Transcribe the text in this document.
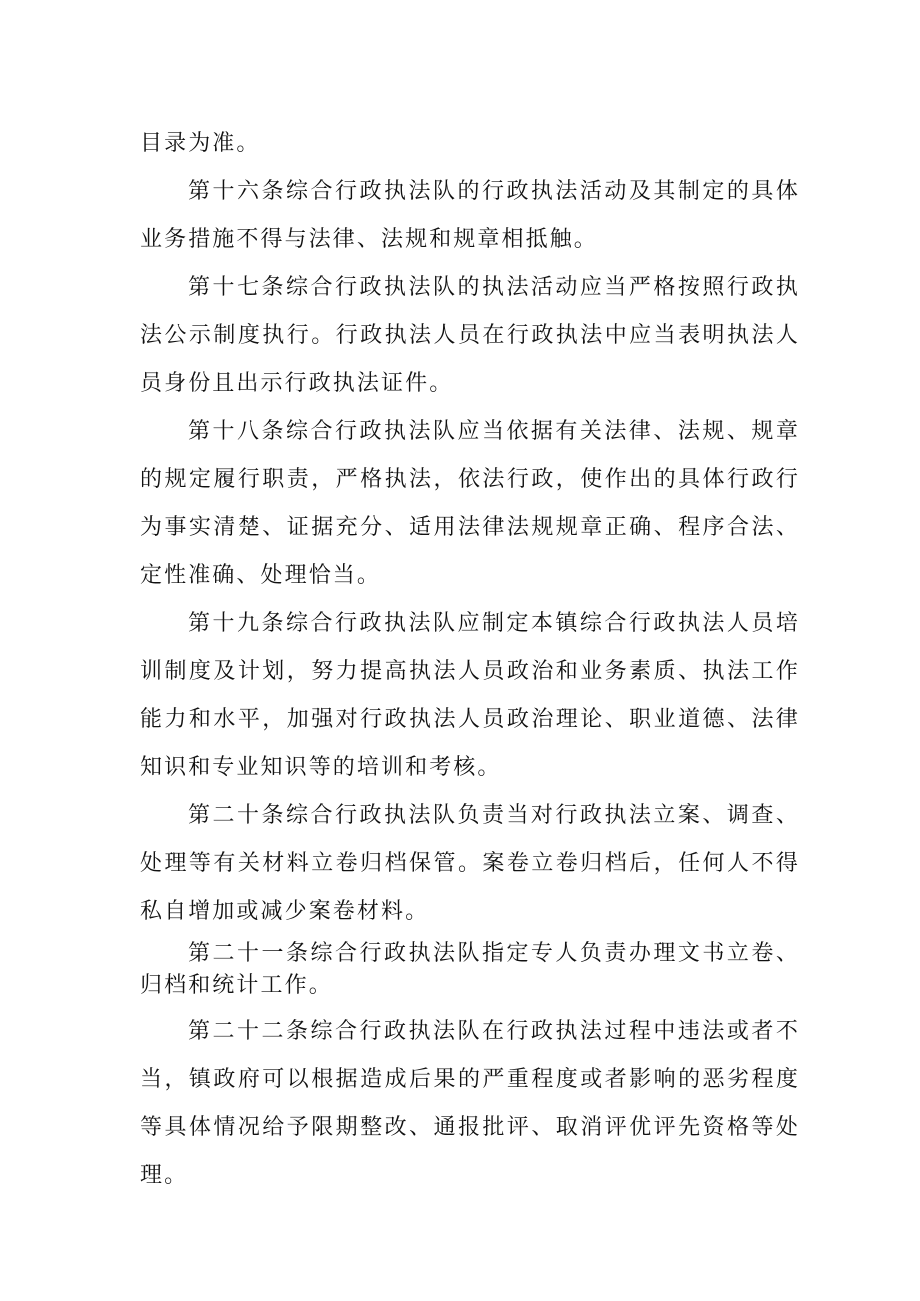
目录为准。

第十六条综合行政执法队的行政执法活动及其制定的具体业务措施不得与法律、法规和规章相抵触。

第十七条综合行政执法队的执法活动应当严格按照行政执法公示制度执行。行政执法人员在行政执法中应当表明执法人员身份且出示行政执法证件。

第十八条综合行政执法队应当依据有关法律、法规、规章的规定履行职责，严格执法，依法行政，使作出的具体行政行为事实清楚、证据充分、适用法律法规规章正确、程序合法、定性准确、处理恰当。

第十九条综合行政执法队应制定本镇综合行政执法人员培训制度及计划，努力提高执法人员政治和业务素质、执法工作能力和水平，加强对行政执法人员政治理论、职业道德、法律知识和专业知识等的培训和考核。

第二十条综合行政执法队负责当对行政执法立案、调查、处理等有关材料立卷归档保管。案卷立卷归档后，任何人不得私自增加或减少案卷材料。

第二十一条综合行政执法队指定专人负责办理文书立卷、归档和统计工作。

第二十二条综合行政执法队在行政执法过程中违法或者不当，镇政府可以根据造成后果的严重程度或者影响的恶劣程度等具体情况给予限期整改、通报批评、取消评优评先资格等处理。
